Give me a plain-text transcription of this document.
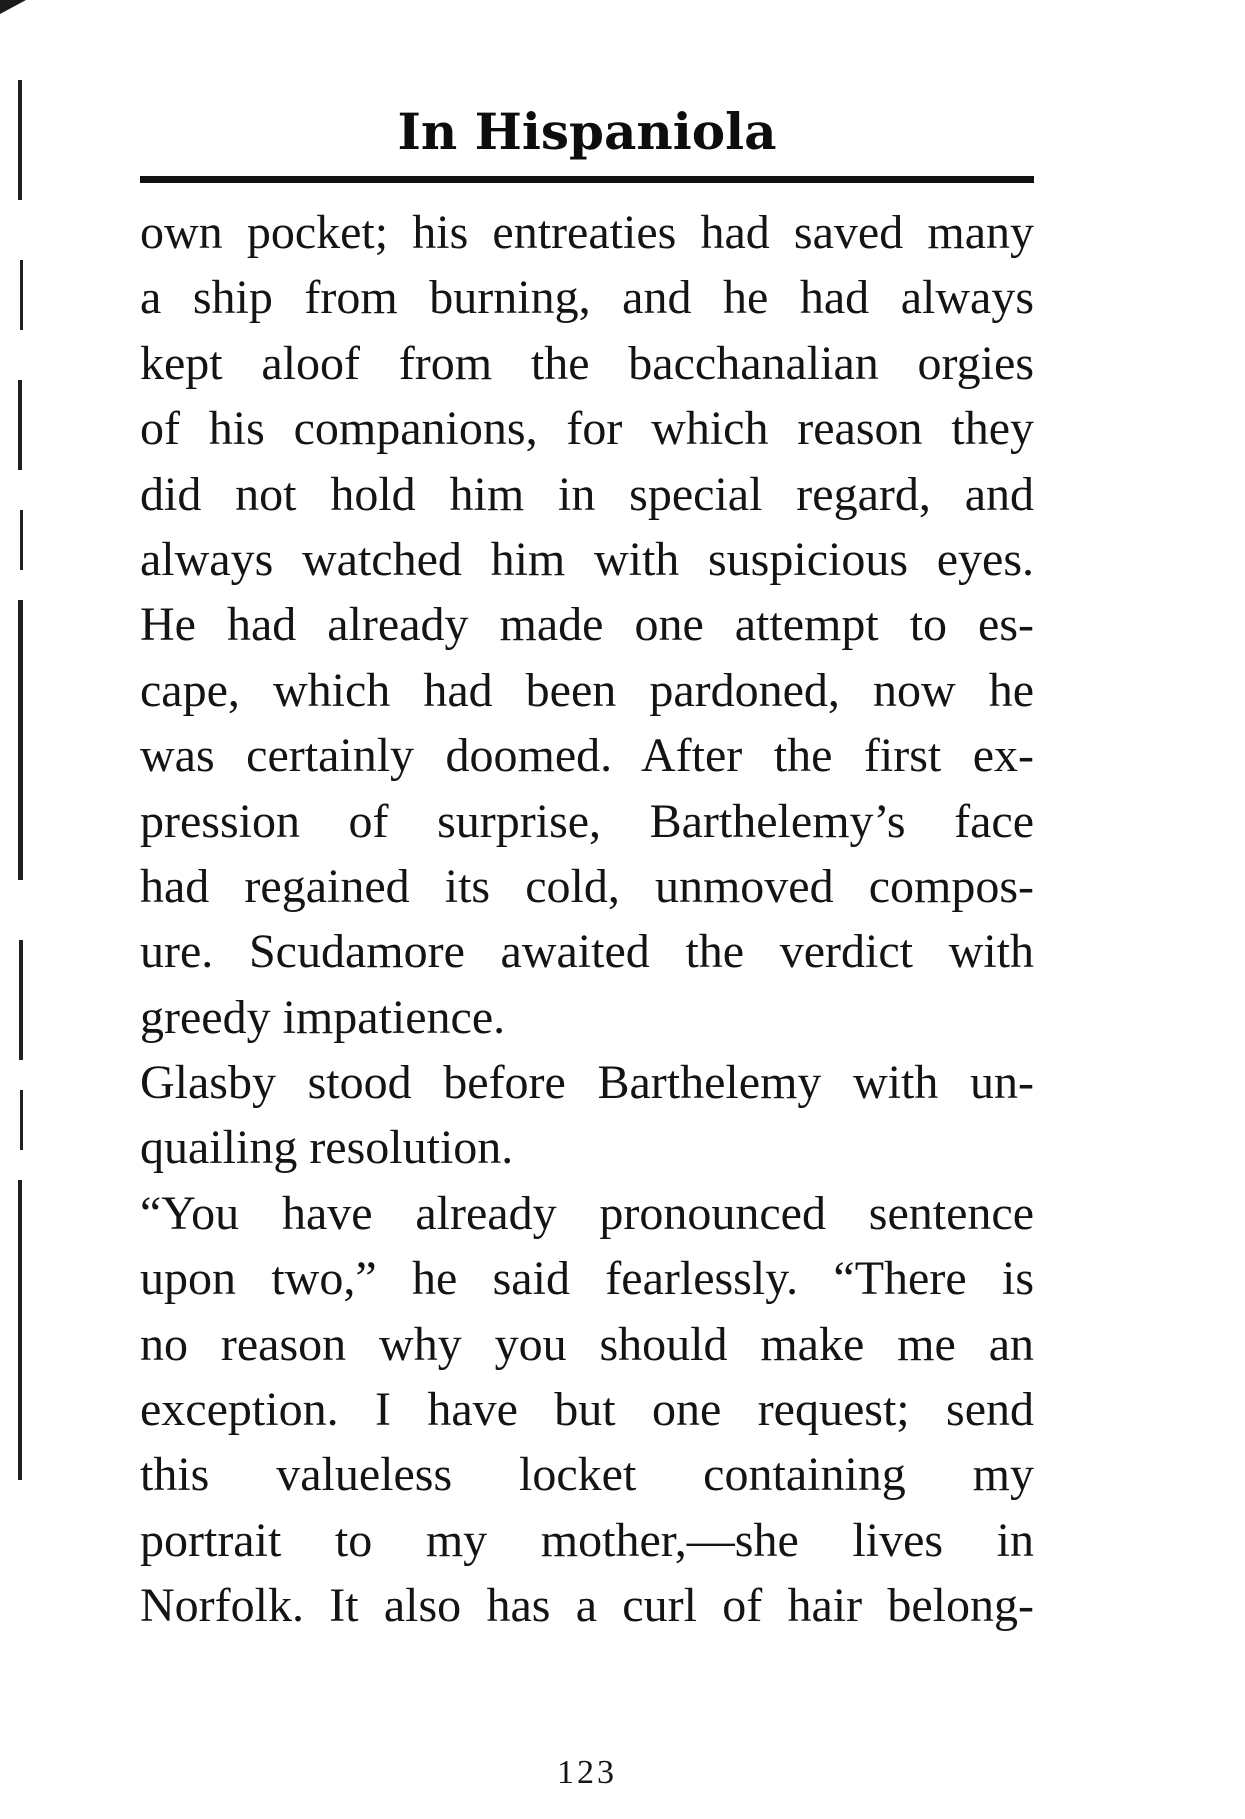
In Hispaniola
own pocket; his entreaties had saved many
a ship from burning, and he had always
kept aloof from the bacchanalian orgies
of his companions, for which reason they
did not hold him in special regard, and
always watched him with suspicious eyes.
He had already made one attempt to es-
cape, which had been pardoned, now he
was certainly doomed. After the first ex-
pression of surprise, Barthelemy’s face
had regained its cold, unmoved compos-
ure. Scudamore awaited the verdict with
greedy impatience.
Glasby stood before Barthelemy with un-
quailing resolution.
“You have already pronounced sentence
upon two,” he said fearlessly. “There is
no reason why you should make me an
exception. I have but one request; send
this valueless locket containing my
portrait to my mother,—she lives in
Norfolk. It also has a curl of hair belong-
123
